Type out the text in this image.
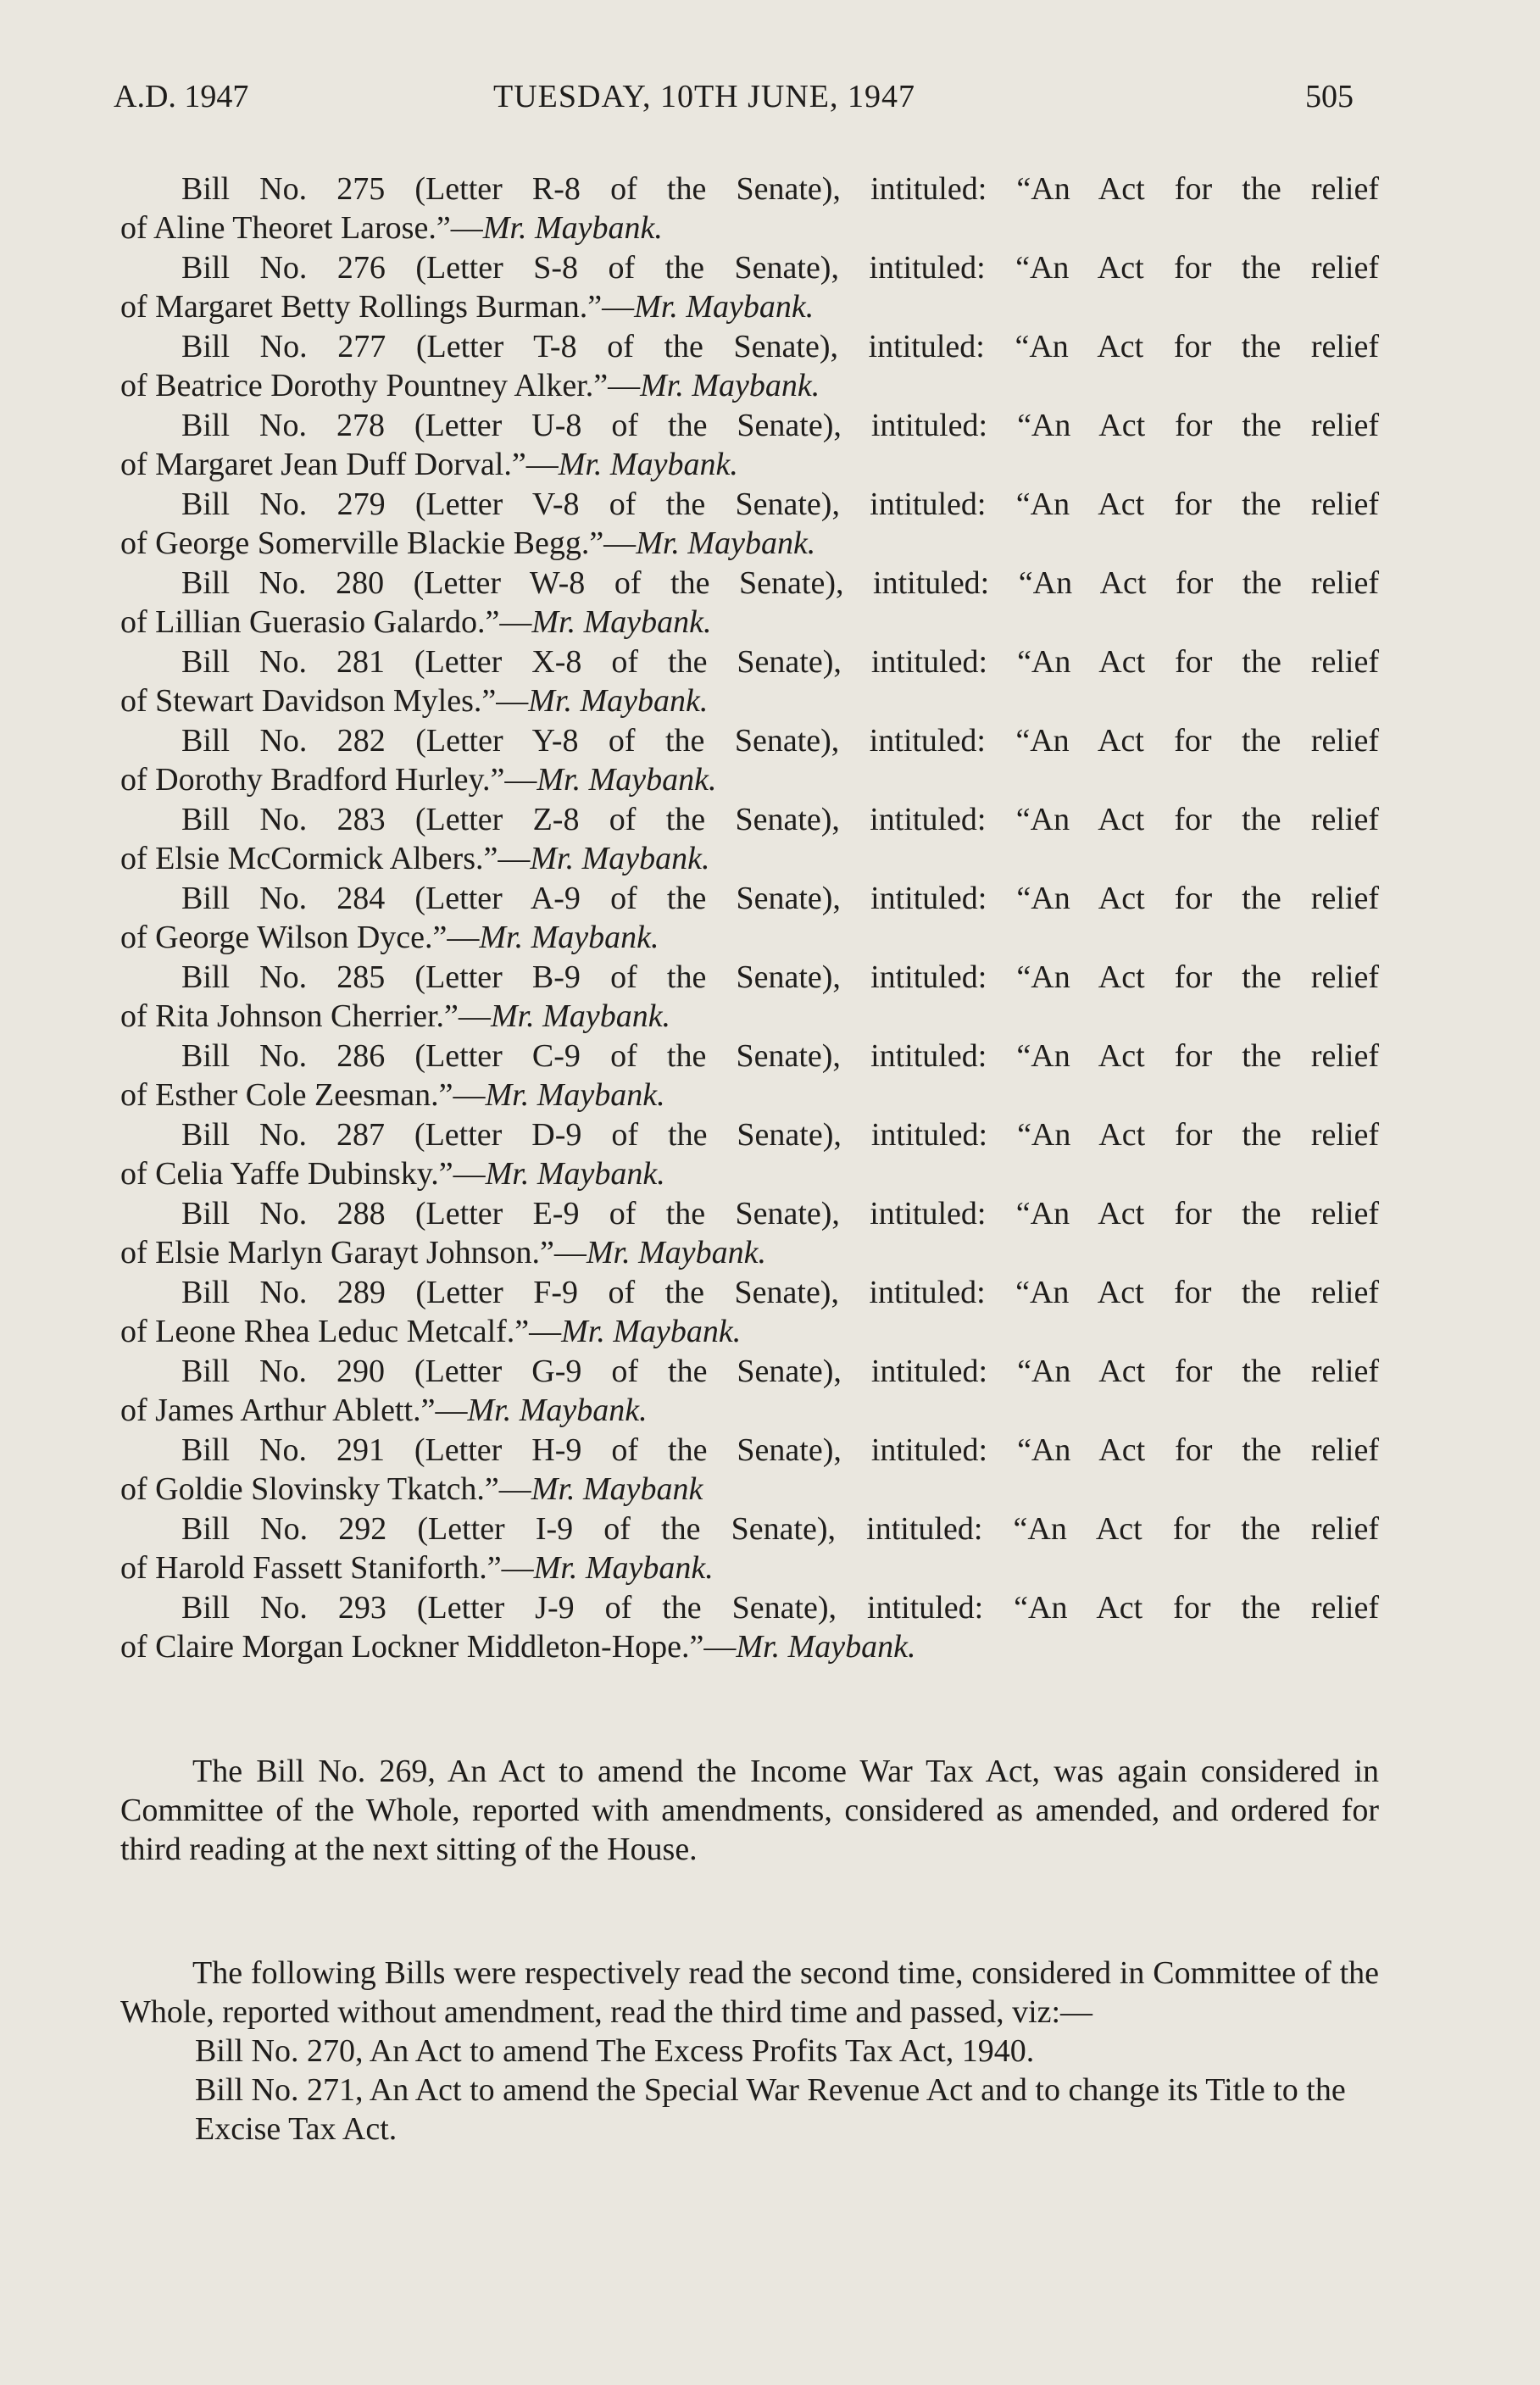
A.D. 1947	TUESDAY, 10TH JUNE, 1947	505

Bill No. 275 (Letter R-8 of the Senate), intituled: “An Act for the relief

of Aline Theoret Larose.”—Mr. Maybank.

Bill No. 276 (Letter S-8 of the Senate), intituled: “An Act for the relief

of Margaret Betty Rollings Burman.”—Mr. Maybank.

Bill No. 277 (Letter T-8 of the Senate), intituled: “An Act for the relief

of Beatrice Dorothy Pountney Alker.”—Mr. Maybank.

Bill No. 278 (Letter U-8 of the Senate), intituled: “An Act for the relief

of Margaret Jean Duff Dorval.”—Mr. Maybank.

Bill No. 279 (Letter V-8 of the Senate), intituled: “An Act for the relief

of George Somerville Blackie Begg.”—Mr. Maybank.

Bill No. 280 (Letter W-8 of the Senate), intituled: “An Act for the relief

of Lillian Guerasio Galardo.”—Mr. Maybank.

Bill No. 281 (Letter X-8 of the Senate), intituled: “An Act for the relief

of Stewart Davidson Myles.”—Mr. Maybank.

Bill No. 282 (Letter Y-8 of the Senate), intituled: “An Act for the relief

of Dorothy Bradford Hurley.”—Mr. Maybank.

Bill No. 283 (Letter Z-8 of the Senate), intituled: “An Act for the relief

of Elsie McCormick Albers.”—Mr. Maybank.

Bill No. 284 (Letter A-9 of the Senate), intituled: “An Act for the relief

of George Wilson Dyce.”—Mr. Maybank.

Bill No. 285 (Letter B-9 of the Senate), intituled: “An Act for the relief

of Rita Johnson Cherrier.”—Mr. Maybank.

Bill No. 286 (Letter C-9 of the Senate), intituled: “An Act for the relief

of Esther Cole Zeesman.”—Mr. Maybank.

Bill No. 287 (Letter D-9 of the Senate), intituled: “An Act for the relief

of Celia Yaffe Dubinsky.”—Mr. Maybank.

Bill No. 288 (Letter E-9 of the Senate), intituled: “An Act for the relief

of Elsie Marlyn Garayt Johnson.”—Mr. Maybank.

Bill No. 289 (Letter F-9 of the Senate), intituled: “An Act for the relief

of Leone Rhea Leduc Metcalf.”—Mr. Maybank.

Bill No. 290 (Letter G-9 of the Senate), intituled: “An Act for the relief

of James Arthur Ablett.”—Mr. Maybank.

Bill No. 291 (Letter H-9 of the Senate), intituled: “An Act for the relief

of Goldie Slovinsky Tkatch.”—Mr. Maybank

Bill No. 292 (Letter I-9 of the Senate), intituled: “An Act for the relief

of Harold Fassett Staniforth.”—Mr. Maybank.

Bill No. 293 (Letter J-9 of the Senate), intituled: “An Act for the relief

of Claire Morgan Lockner Middleton-Hope.”—Mr. Maybank.

The Bill No. 269, An Act to amend the Income War Tax Act, was again considered in Committee of the Whole, reported with amendments, considered as amended, and ordered for third reading at the next sitting of the House.

The following Bills were respectively read the second time, considered in Committee of the Whole, reported without amendment, read the third time and passed, viz:—

Bill No. 270, An Act to amend The Excess Profits Tax Act, 1940.

Bill No. 271, An Act to amend the Special War Revenue Act and to change its Title to the Excise Tax Act.
